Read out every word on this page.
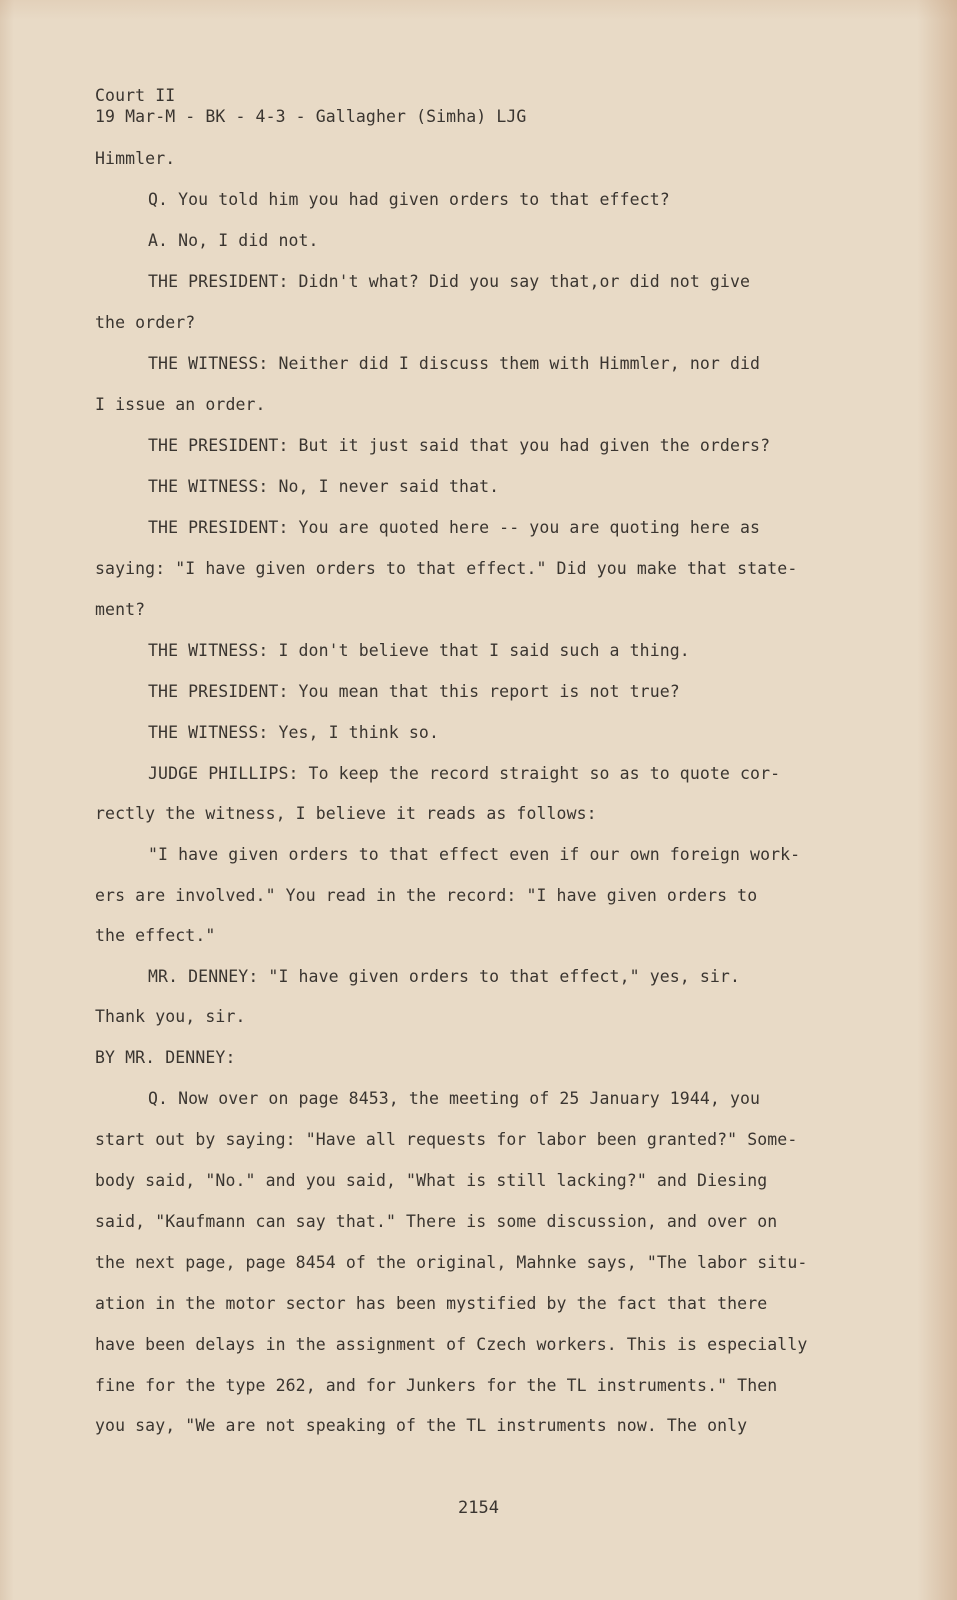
Court II
19 Mar-M - BK - 4-3 - Gallagher (Simha) LJG
Himmler.
Q. You told him you had given orders to that effect?
A. No, I did not.
THE PRESIDENT: Didn't what? Did you say that,or did not give
the order?
THE WITNESS: Neither did I discuss them with Himmler, nor did
I issue an order.
THE PRESIDENT: But it just said that you had given the orders?
THE WITNESS: No, I never said that.
THE PRESIDENT: You are quoted here -- you are quoting here as
saying: "I have given orders to that effect." Did you make that state-
ment?
THE WITNESS: I don't believe that I said such a thing.
THE PRESIDENT: You mean that this report is not true?
THE WITNESS: Yes, I think so.
JUDGE PHILLIPS: To keep the record straight so as to quote cor-
rectly the witness, I believe it reads as follows:
"I have given orders to that effect even if our own foreign work-
ers are involved." You read in the record: "I have given orders to
the effect."
MR. DENNEY: "I have given orders to that effect," yes, sir.
Thank you, sir.
BY MR. DENNEY:
Q. Now over on page 8453, the meeting of 25 January 1944, you
start out by saying: "Have all requests for labor been granted?" Some-
body said, "No." and you said, "What is still lacking?" and Diesing
said, "Kaufmann can say that." There is some discussion, and over on
the next page, page 8454 of the original, Mahnke says, "The labor situ-
ation in the motor sector has been mystified by the fact that there
have been delays in the assignment of Czech workers. This is especially
fine for the type 262, and for Junkers for the TL instruments." Then
you say, "We are not speaking of the TL instruments now. The only
2154
